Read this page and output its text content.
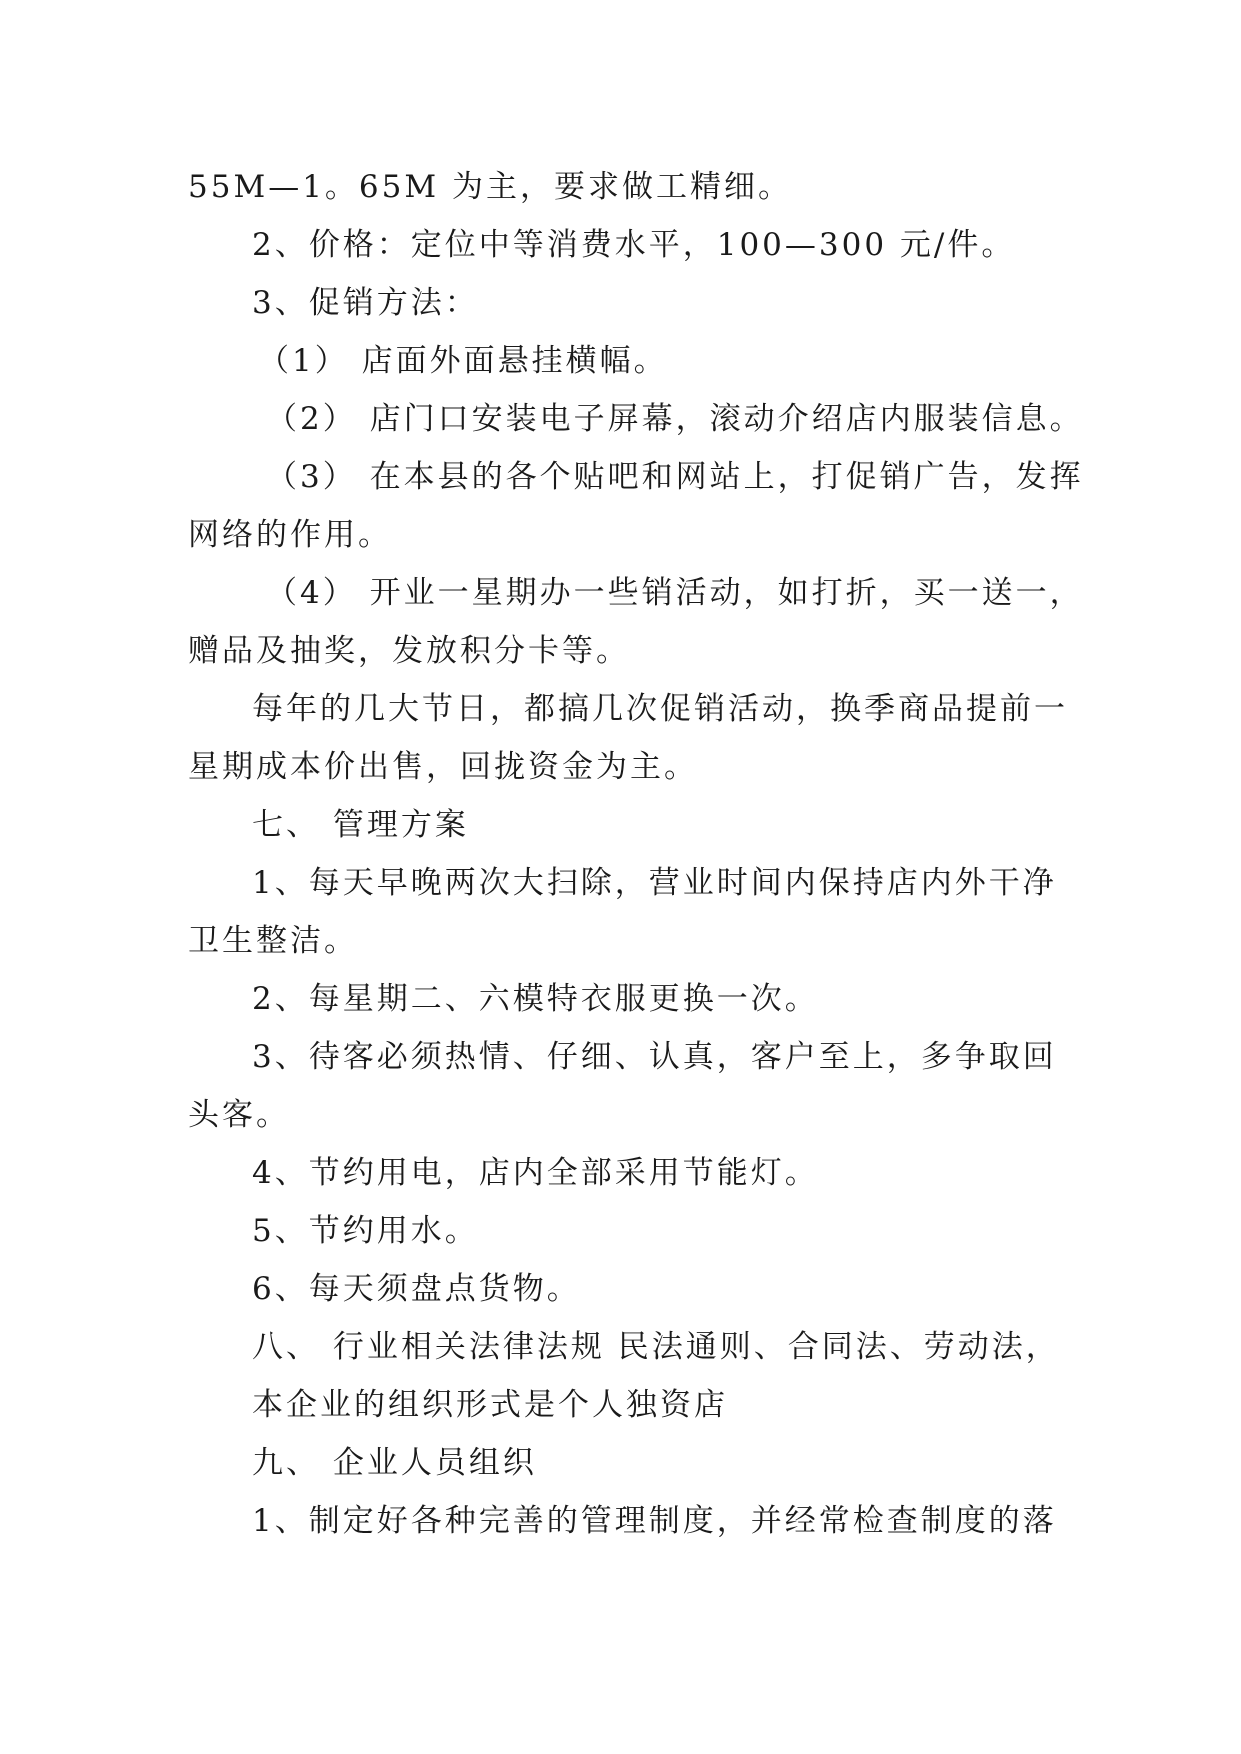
55M—1。65M 为主，要求做工精细。
2、价格：定位中等消费水平，100—300 元/件。
3、促销方法：
（1） 店面外面悬挂横幅。
（2） 店门口安装电子屏幕，滚动介绍店内服装信息。
（3） 在本县的各个贴吧和网站上，打促销广告，发挥
网络的作用。
（4） 开业一星期办一些销活动，如打折，买一送一，
赠品及抽奖，发放积分卡等。
每年的几大节日，都搞几次促销活动，换季商品提前一
星期成本价出售，回拢资金为主。
七、 管理方案
1、每天早晚两次大扫除，营业时间内保持店内外干净
卫生整洁。
2、每星期二、六模特衣服更换一次。
3、待客必须热情、仔细、认真，客户至上，多争取回
头客。
4、节约用电，店内全部采用节能灯。
5、节约用水。
6、每天须盘点货物。
八、 行业相关法律法规 民法通则、合同法、劳动法，
本企业的组织形式是个人独资店
九、 企业人员组织
1、制定好各种完善的管理制度，并经常检查制度的落
